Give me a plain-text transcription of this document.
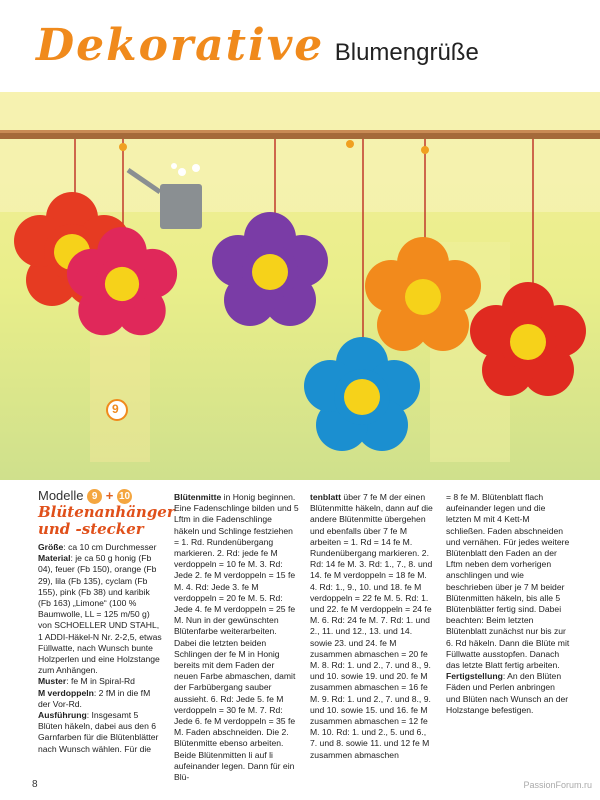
Dekorative Blumengrüße
9
Modelle 9 + 10
Blütenanhänger und -stecker

Größe: ca 10 cm Durchmesser
Material: je ca 50 g honig (Fb 04), feuer (Fb 150), orange (Fb 29), lila (Fb 135), cyclam (Fb 155), pink (Fb 38) und karibik (Fb 163) „Limone“ (100 % Baumwolle, LL = 125 m/50 g) von SCHOELLER UND STAHL, 1 ADDI-Häkel-N Nr. 2-2,5, etwas Füllwatte, nach Wunsch bunte Holzperlen und eine Holzstange zum Anhängen.
Muster: fe M in Spiral-Rd
M verdoppeln: 2 fM in die fM der Vor-Rd.
Ausführung: Insgesamt 5 Blüten häkeln, dabei aus den 6 Garnfarben für die Blütenblätter nach Wunsch wählen. Für die

Blütenmitte in Honig beginnen. Eine Fadenschlinge bilden und 5 Lftm in die Fadenschlinge häkeln und Schlinge festziehen = 1. Rd. Rundenübergang markieren. 2. Rd: jede fe M verdoppeln = 10 fe M. 3. Rd: Jede 2. fe M verdoppeln = 15 fe M. 4. Rd: Jede 3. fe M verdoppeln = 20 fe M. 5. Rd: Jede 4. fe M verdoppeln = 25 fe M. Nun in der gewünschten Blütenfarbe weiterarbeiten. Dabei die letzten beiden Schlingen der fe M in Honig bereits mit dem Faden der neuen Farbe abmaschen, damit der Farbübergang sauber aussieht. 6. Rd: Jede 5. fe M verdoppeln = 30 fe M. 7. Rd: Jede 6. fe M verdoppeln = 35 fe M. Faden abschneiden. Die 2. Blütenmitte ebenso arbeiten. Beide Blütenmitten li auf li aufeinander legen. Dann für ein Blü-

tenblatt über 7 fe M der einen Blütenmitte häkeln, dann auf die andere Blütenmitte übergehen und ebenfalls über 7 fe M arbeiten = 1. Rd = 14 fe M. Rundenübergang markieren. 2. Rd: 14 fe M. 3. Rd: 1., 7., 8. und 14. fe M verdoppeln = 18 fe M. 4. Rd: 1., 9., 10. und 18. fe M verdoppeln = 22 fe M. 5. Rd: 1. und 22. fe M verdoppeln = 24 fe M. 6. Rd: 24 fe M. 7. Rd: 1. und 2., 11. und 12., 13. und 14. sowie 23. und 24. fe M zusammen abmaschen = 20 fe M. 8. Rd: 1. und 2., 7. und 8., 9. und 10. sowie 19. und 20. fe M zusammen abmaschen = 16 fe M. 9. Rd: 1. und 2., 7. und 8., 9. und 10. sowie 15. und 16. fe M zusammen abmaschen = 12 fe M. 10. Rd: 1. und 2., 5. und 6., 7. und 8. sowie 11. und 12 fe M zusammen abmaschen

= 8 fe M. Blütenblatt flach aufeinander legen und die letzten M mit 4 Kett-M schließen. Faden abschneiden und vernähen. Für jedes weitere Blütenblatt den Faden an der Lftm neben dem vorherigen anschlingen und wie beschrieben über je 7 M beider Blütenmitten häkeln, bis alle 5 Blütenblätter fertig sind. Dabei beachten: Beim letzten Blütenblatt zunächst nur bis zur 6. Rd häkeln. Dann die Blüte mit Füllwatte ausstopfen. Danach das letzte Blatt fertig arbeiten.
Fertigstellung: An den Blüten Fäden und Perlen anbringen und Blüten nach Wunsch an der Holzstange befestigen.

8	PassionForum.ru
